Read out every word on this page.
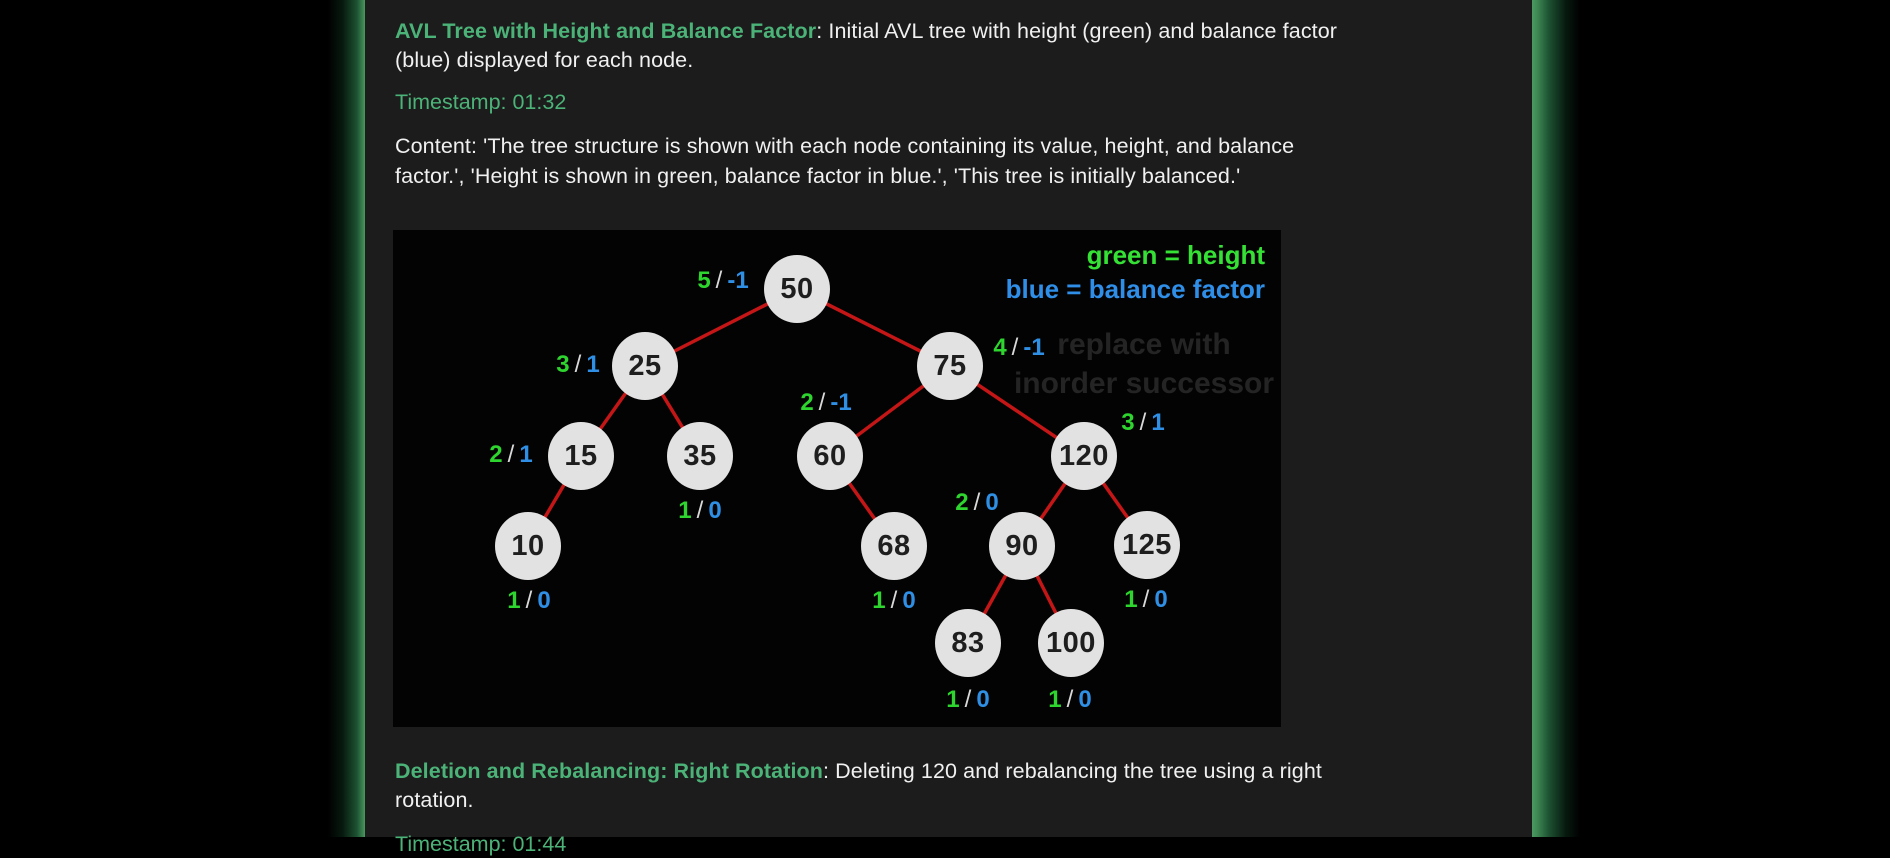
AVL Tree with Height and Balance Factor: Initial AVL tree with height (green) and balance factor
(blue) displayed for each node.
Timestamp: 01:32
Content: 'The tree structure is shown with each node containing its value, height, and balance
factor.', 'Height is shown in green, balance factor in blue.', 'This tree is initially balanced.'
green = height
blue = balance factor
replace with
inorder successor
50
25	75
15	35	60	120
10	68	90	125
83	100
5 / -1
3 / 1
4 / -1
2 / 1
1 / 0
2 / -1
3 / 1
1 / 0	1 / 0
2 / 0
1 / 0
1 / 0 1 / 0
Deletion and Rebalancing: Right Rotation: Deleting 120 and rebalancing the tree using a right
rotation.
Timestamp: 01:44
